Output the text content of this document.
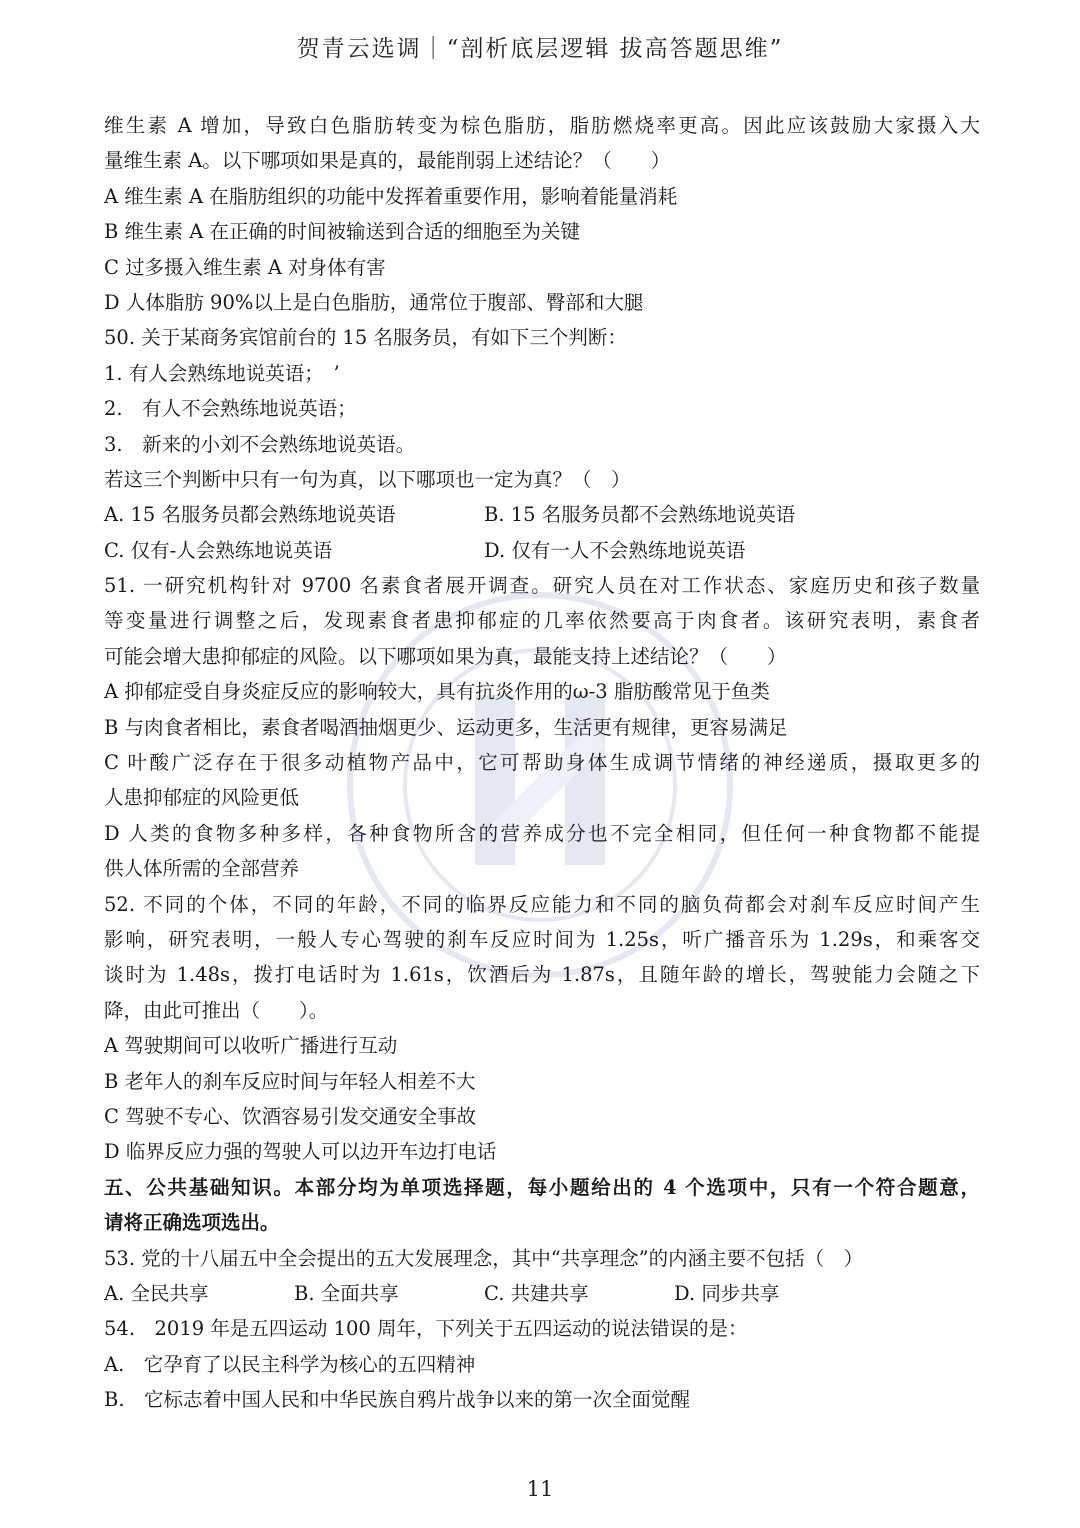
贺青云选调｜“剖析底层逻辑 拔高答题思维”
维生素 A 增加，导致白色脂肪转变为棕色脂肪，脂肪燃烧率更高。因此应该鼓励大家摄入大
量维生素 A。以下哪项如果是真的，最能削弱上述结论？（　　）
A 维生素 A 在脂肪组织的功能中发挥着重要作用，影响着能量消耗
B 维生素 A 在正确的时间被输送到合适的细胞至为关键
C 过多摄入维生素 A 对身体有害
D 人体脂肪 90%以上是白色脂肪，通常位于腹部、臀部和大腿
50. 关于某商务宾馆前台的 15 名服务员，有如下三个判断：
1. 有人会熟练地说英语；　’
2.　有人不会熟练地说英语；
3.　新来的小刘不会熟练地说英语。
若这三个判断中只有一句为真，以下哪项也一定为真？（　）
A. 15 名服务员都会熟练地说英语	B. 15 名服务员都不会熟练地说英语
C. 仅有-人会熟练地说英语	D. 仅有一人不会熟练地说英语
51. 一研究机构针对 9700 名素食者展开调查。研究人员在对工作状态、家庭历史和孩子数量
等变量进行调整之后，发现素食者患抑郁症的几率依然要高于肉食者。该研究表明，素食者
可能会增大患抑郁症的风险。以下哪项如果为真，最能支持上述结论？（　　）
A 抑郁症受自身炎症反应的影响较大，具有抗炎作用的ω-3 脂肪酸常见于鱼类
B 与肉食者相比，素食者喝酒抽烟更少、运动更多，生活更有规律，更容易满足
C 叶酸广泛存在于很多动植物产品中，它可帮助身体生成调节情绪的神经递质，摄取更多的
人患抑郁症的风险更低
D 人类的食物多种多样，各种食物所含的营养成分也不完全相同，但任何一种食物都不能提
供人体所需的全部营养
52. 不同的个体，不同的年龄，不同的临界反应能力和不同的脑负荷都会对刹车反应时间产生
影响，研究表明，一般人专心驾驶的刹车反应时间为 1.25s，听广播音乐为 1.29s，和乘客交
谈时为 1.48s，拨打电话时为 1.61s，饮酒后为 1.87s，且随年龄的增长，驾驶能力会随之下
降，由此可推出（　　）。
A 驾驶期间可以收听广播进行互动
B 老年人的刹车反应时间与年轻人相差不大
C 驾驶不专心、饮酒容易引发交通安全事故
D 临界反应力强的驾驶人可以边开车边打电话
五、公共基础知识。本部分均为单项选择题，每小题给出的 4 个选项中，只有一个符合题意，
请将正确选项选出。
53. 党的十八届五中全会提出的五大发展理念，其中“共享理念”的内涵主要不包括（　）
A. 全民共享	B. 全面共享	C. 共建共享	D. 同步共享
54.　2019 年是五四运动 100 周年，下列关于五四运动的说法错误的是：
A.　它孕育了以民主科学为核心的五四精神
B.　它标志着中国人民和中华民族自鸦片战争以来的第一次全面觉醒
11
